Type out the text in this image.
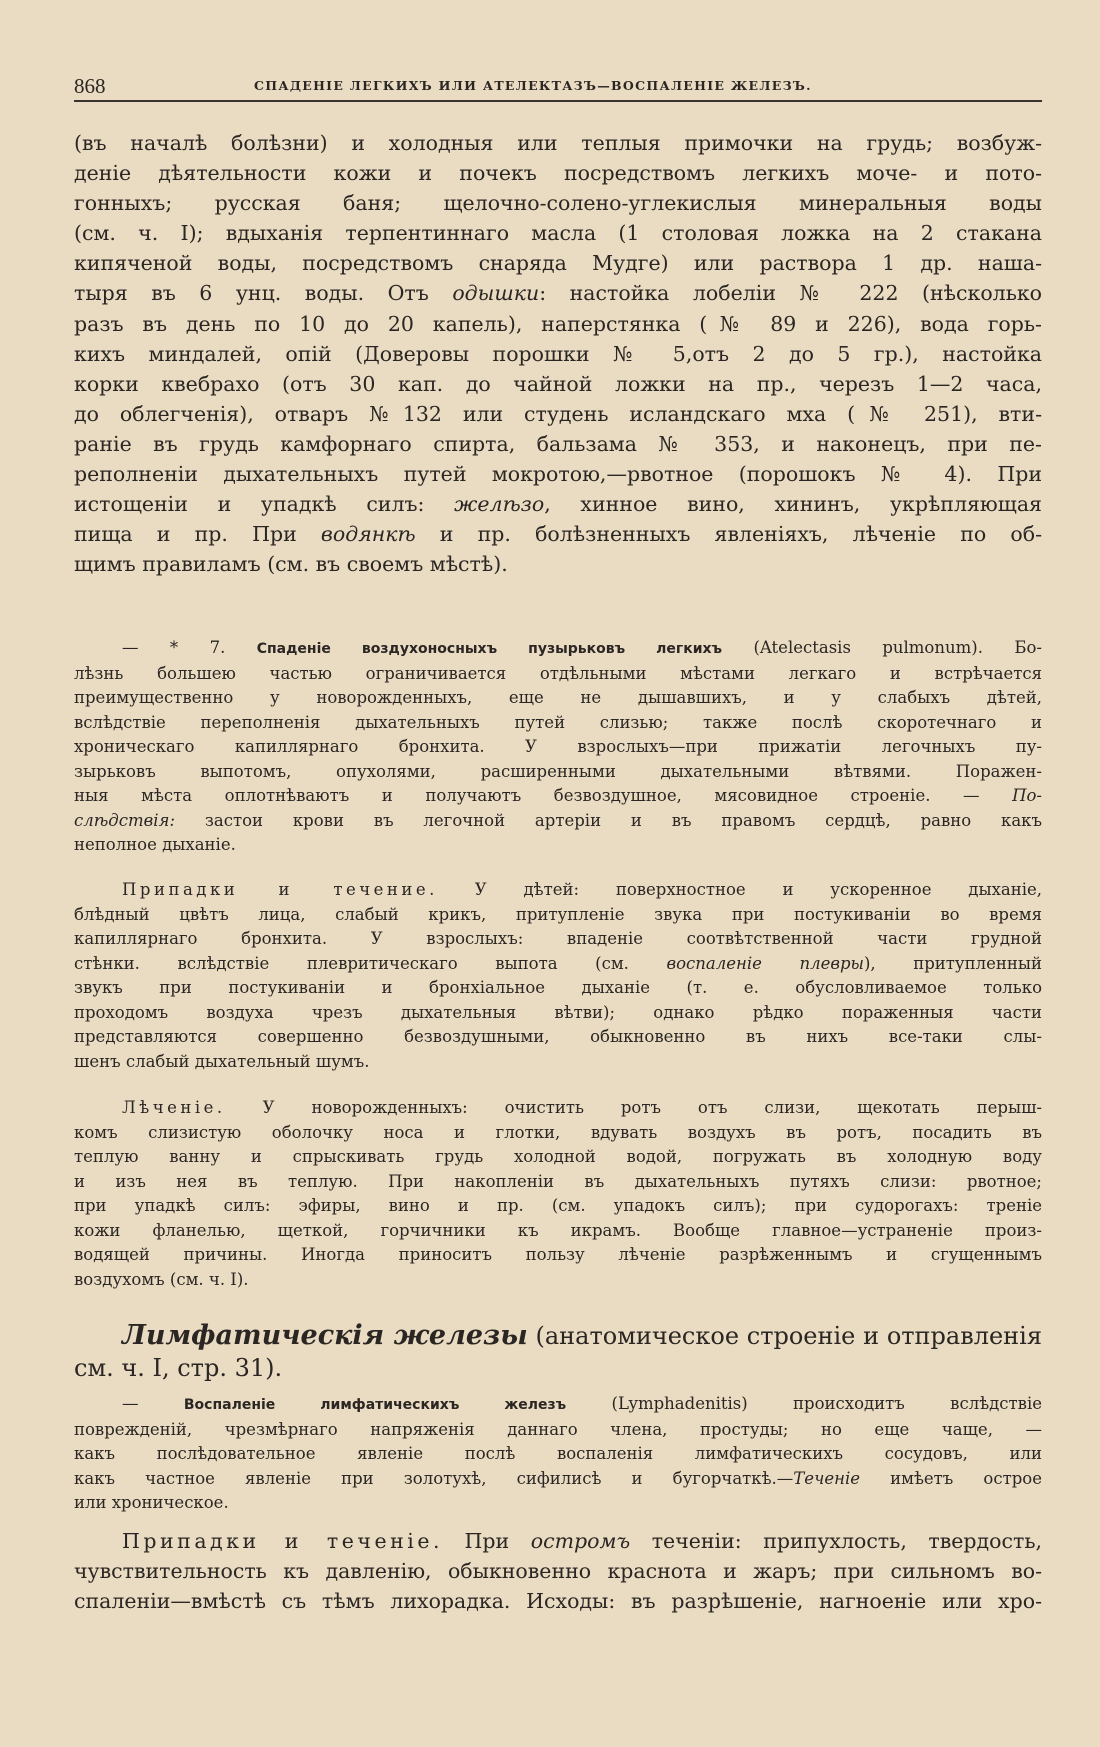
868	СПАДЕНІЕ ЛЕГКИХЪ ИЛИ АТЕЛЕКТАЗЪ—ВОСПАЛЕНІЕ ЖЕЛЕЗЪ.
(въ началѣ болѣзни) и холодныя или теплыя примочки на грудь; возбуж-
деніе дѣятельности кожи и почекъ посредствомъ легкихъ моче- и пото-
гонныхъ; русская баня; щелочно-солено-углекислыя минеральныя воды
(см. ч. I); вдыханія терпентиннаго масла (1 столовая ложка на 2 стакана
кипяченой воды, посредствомъ снаряда Мудге) или раствора 1 др. наша-
тыря въ 6 унц. воды. Отъ одышки: настойка лобеліи № 222 (нѣсколько
разъ въ день по 10 до 20 капель), наперстянка (№ 89 и 226), вода горь-
кихъ миндалей, опій (Доверовы порошки № 5,отъ 2 до 5 гр.), настойка
корки квебрахо (отъ 30 кап. до чайной ложки на пр., черезъ 1—2 часа,
до облегченія), отваръ №132 или студень исландскаго мха (№ 251), вти-
раніе въ грудь камфорнаго спирта, бальзама № 353, и наконецъ, при пе-
реполненіи дыхательныхъ путей мокротою,—рвотное (порошокъ № 4). При
истощеніи и упадкѣ силъ: желѣзо, хинное вино, хининъ, укрѣпляющая
пища и пр. При водянкѣ и пр. болѣзненныхъ явленіяхъ, лѣченіе по об-
щимъ правиламъ (см. въ своемъ мѣстѣ).
— * 7. Спаденіе воздухоносныхъ пузырьковъ легкихъ (Atelectasis pulmonum). Бо-
лѣзнь большею частью ограничивается отдѣльными мѣстами легкаго и встрѣчается
преимущественно у новорожденныхъ, еще не дышавшихъ, и у слабыхъ дѣтей,
вслѣдствіе переполненія дыхательныхъ путей слизью; также послѣ скоротечнаго и
хроническаго капиллярнаго бронхита. У взрослыхъ—при прижатіи легочныхъ пу-
зырьковъ выпотомъ, опухолями, расширенными дыхательными вѣтвями. Поражен-
ныя мѣста оплотнѣваютъ и получаютъ безвоздушное, мясовидное строеніе. — По-
слѣдствія: застои крови въ легочной артеріи и въ правомъ сердцѣ, равно какъ
неполное дыханіе.
Припадки и течение. У дѣтей: поверхностное и ускоренное дыханіе,
блѣдный цвѣтъ лица, слабый крикъ, притупленіе звука при постукиваніи во время
капиллярнаго бронхита. У взрослыхъ: впаденіе соотвѣтственной части грудной
стѣнки. вслѣдствіе плевритическаго выпота (см. воспаленіе плевры), притупленный
звукъ при постукиваніи и бронхіальное дыханіе (т. е. обусловливаемое только
проходомъ воздуха чрезъ дыхательныя вѣтви); однако рѣдко пораженныя части
представляются совершенно безвоздушными, обыкновенно въ нихъ все-таки слы-
шенъ слабый дыхательный шумъ.
Лѣченіе. У новорожденныхъ: очистить ротъ отъ слизи, щекотать перыш-
комъ слизистую оболочку носа и глотки, вдувать воздухъ въ ротъ, посадить въ
теплую ванну и спрыскивать грудь холодной водой, погружать въ холодную воду
и изъ нея въ теплую. При накопленіи въ дыхательныхъ путяхъ слизи: рвотное;
при упадкѣ силъ: эфиры, вино и пр. (см. упадокъ силъ); при судорогахъ: треніе
кожи фланелью, щеткой, горчичники къ икрамъ. Вообще главное—устраненіе произ-
водящей причины. Иногда приноситъ пользу лѣченіе разрѣженнымъ и сгущеннымъ
воздухомъ (см. ч. I).
Лимфатическія железы (анатомическое строеніе и отправленія
см. ч. I, стр. 31).
— Воспаленіе лимфатическихъ железъ (Lymphadenitis) происходитъ вслѣдствіе
поврежденій, чрезмѣрнаго напряженія даннаго члена, простуды; но еще чаще, —
какъ послѣдовательное явленіе послѣ воспаленія лимфатическихъ сосудовъ, или
какъ частное явленіе при золотухѣ, сифилисѣ и бугорчаткѣ.—Теченіе имѣетъ острое
или хроническое.
Припадки и теченіе. При остромъ теченіи: припухлость, твердость,
чувствительность къ давленію, обыкновенно краснота и жаръ; при сильномъ во-
спаленіи—вмѣстѣ съ тѣмъ лихорадка. Исходы: въ разрѣшеніе, нагноеніе или хро-
